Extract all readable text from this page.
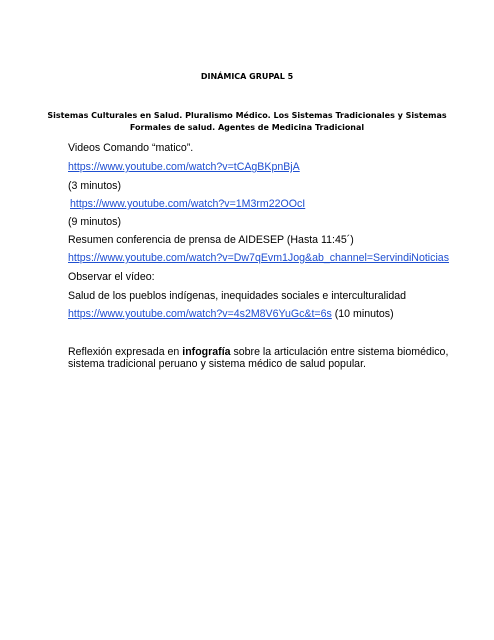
DINÁMICA GRUPAL 5
Sistemas Culturales en Salud. Pluralismo Médico. Los Sistemas Tradicionales y Sistemas
Formales de salud. Agentes de Medicina Tradicional
Videos Comando “matico”.
https://www.youtube.com/watch?v=tCAgBKpnBjA
(3 minutos)
https://www.youtube.com/watch?v=1M3rm22OOcI
(9 minutos)
Resumen conferencia de prensa de AIDESEP (Hasta 11:45´)
https://www.youtube.com/watch?v=Dw7qEvm1Jog&ab_channel=ServindiNoticias
Observar el vídeo:
Salud de los pueblos indígenas, inequidades sociales e interculturalidad
https://www.youtube.com/watch?v=4s2M8V6YuGc&t=6s (10 minutos)
Reflexión expresada en infografía sobre la articulación entre sistema biomédico,
sistema tradicional peruano y sistema médico de salud popular.
